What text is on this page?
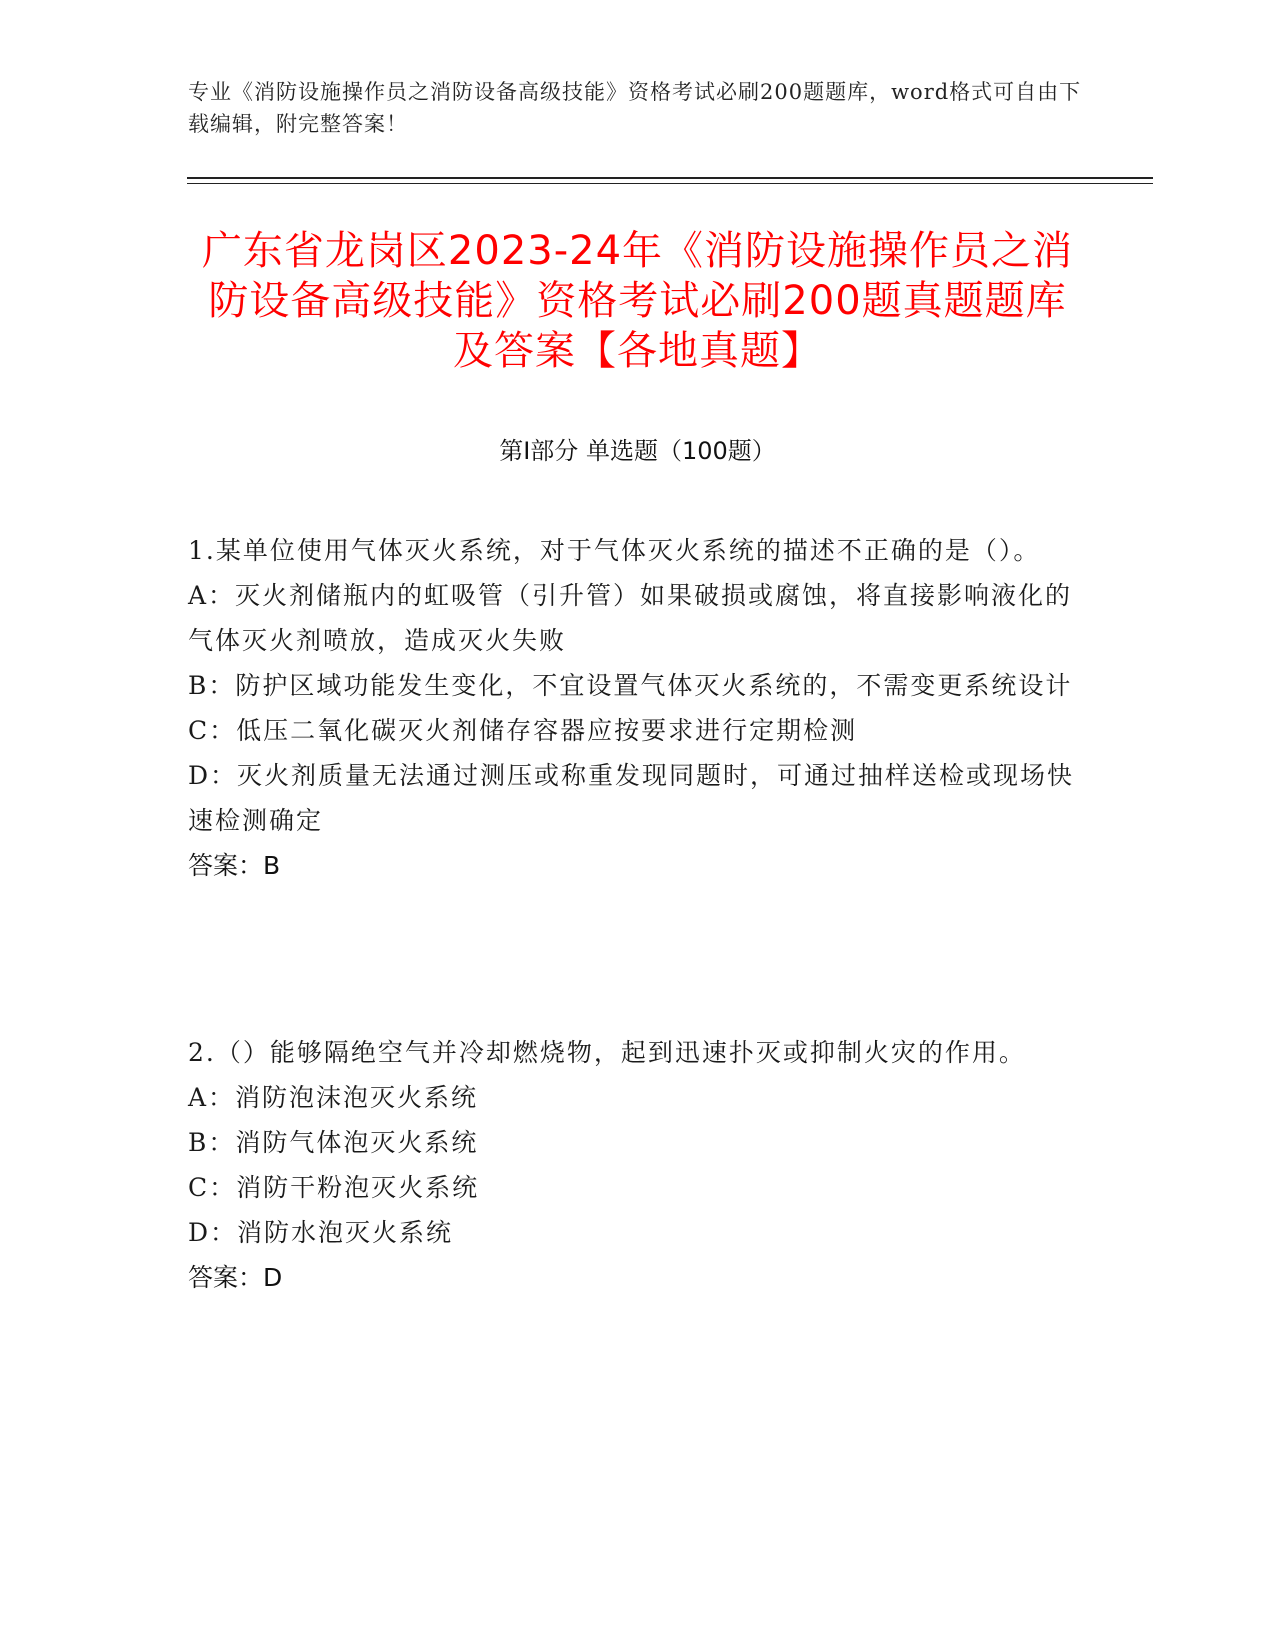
专业《消防设施操作员之消防设备高级技能》资格考试必刷200题题库，word格式可自由下载编辑，附完整答案！
广东省龙岗区2023-24年《消防设施操作员之消防设备高级技能》资格考试必刷200题真题题库及答案【各地真题】
第I部分 单选题（100题）
1.某单位使用气体灭火系统，对于气体灭火系统的描述不正确的是（）。
A：灭火剂储瓶内的虹吸管（引升管）如果破损或腐蚀，将直接影响液化的气体灭火剂喷放，造成灭火失败
B：防护区域功能发生变化，不宜设置气体灭火系统的，不需变更系统设计
C：低压二氧化碳灭火剂储存容器应按要求进行定期检测
D：灭火剂质量无法通过测压或称重发现同题时，可通过抽样送检或现场快速检测确定
答案：B
2.（）能够隔绝空气并冷却燃烧物，起到迅速扑灭或抑制火灾的作用。
A：消防泡沫泡灭火系统
B：消防气体泡灭火系统
C：消防干粉泡灭火系统
D：消防水泡灭火系统
答案：D
